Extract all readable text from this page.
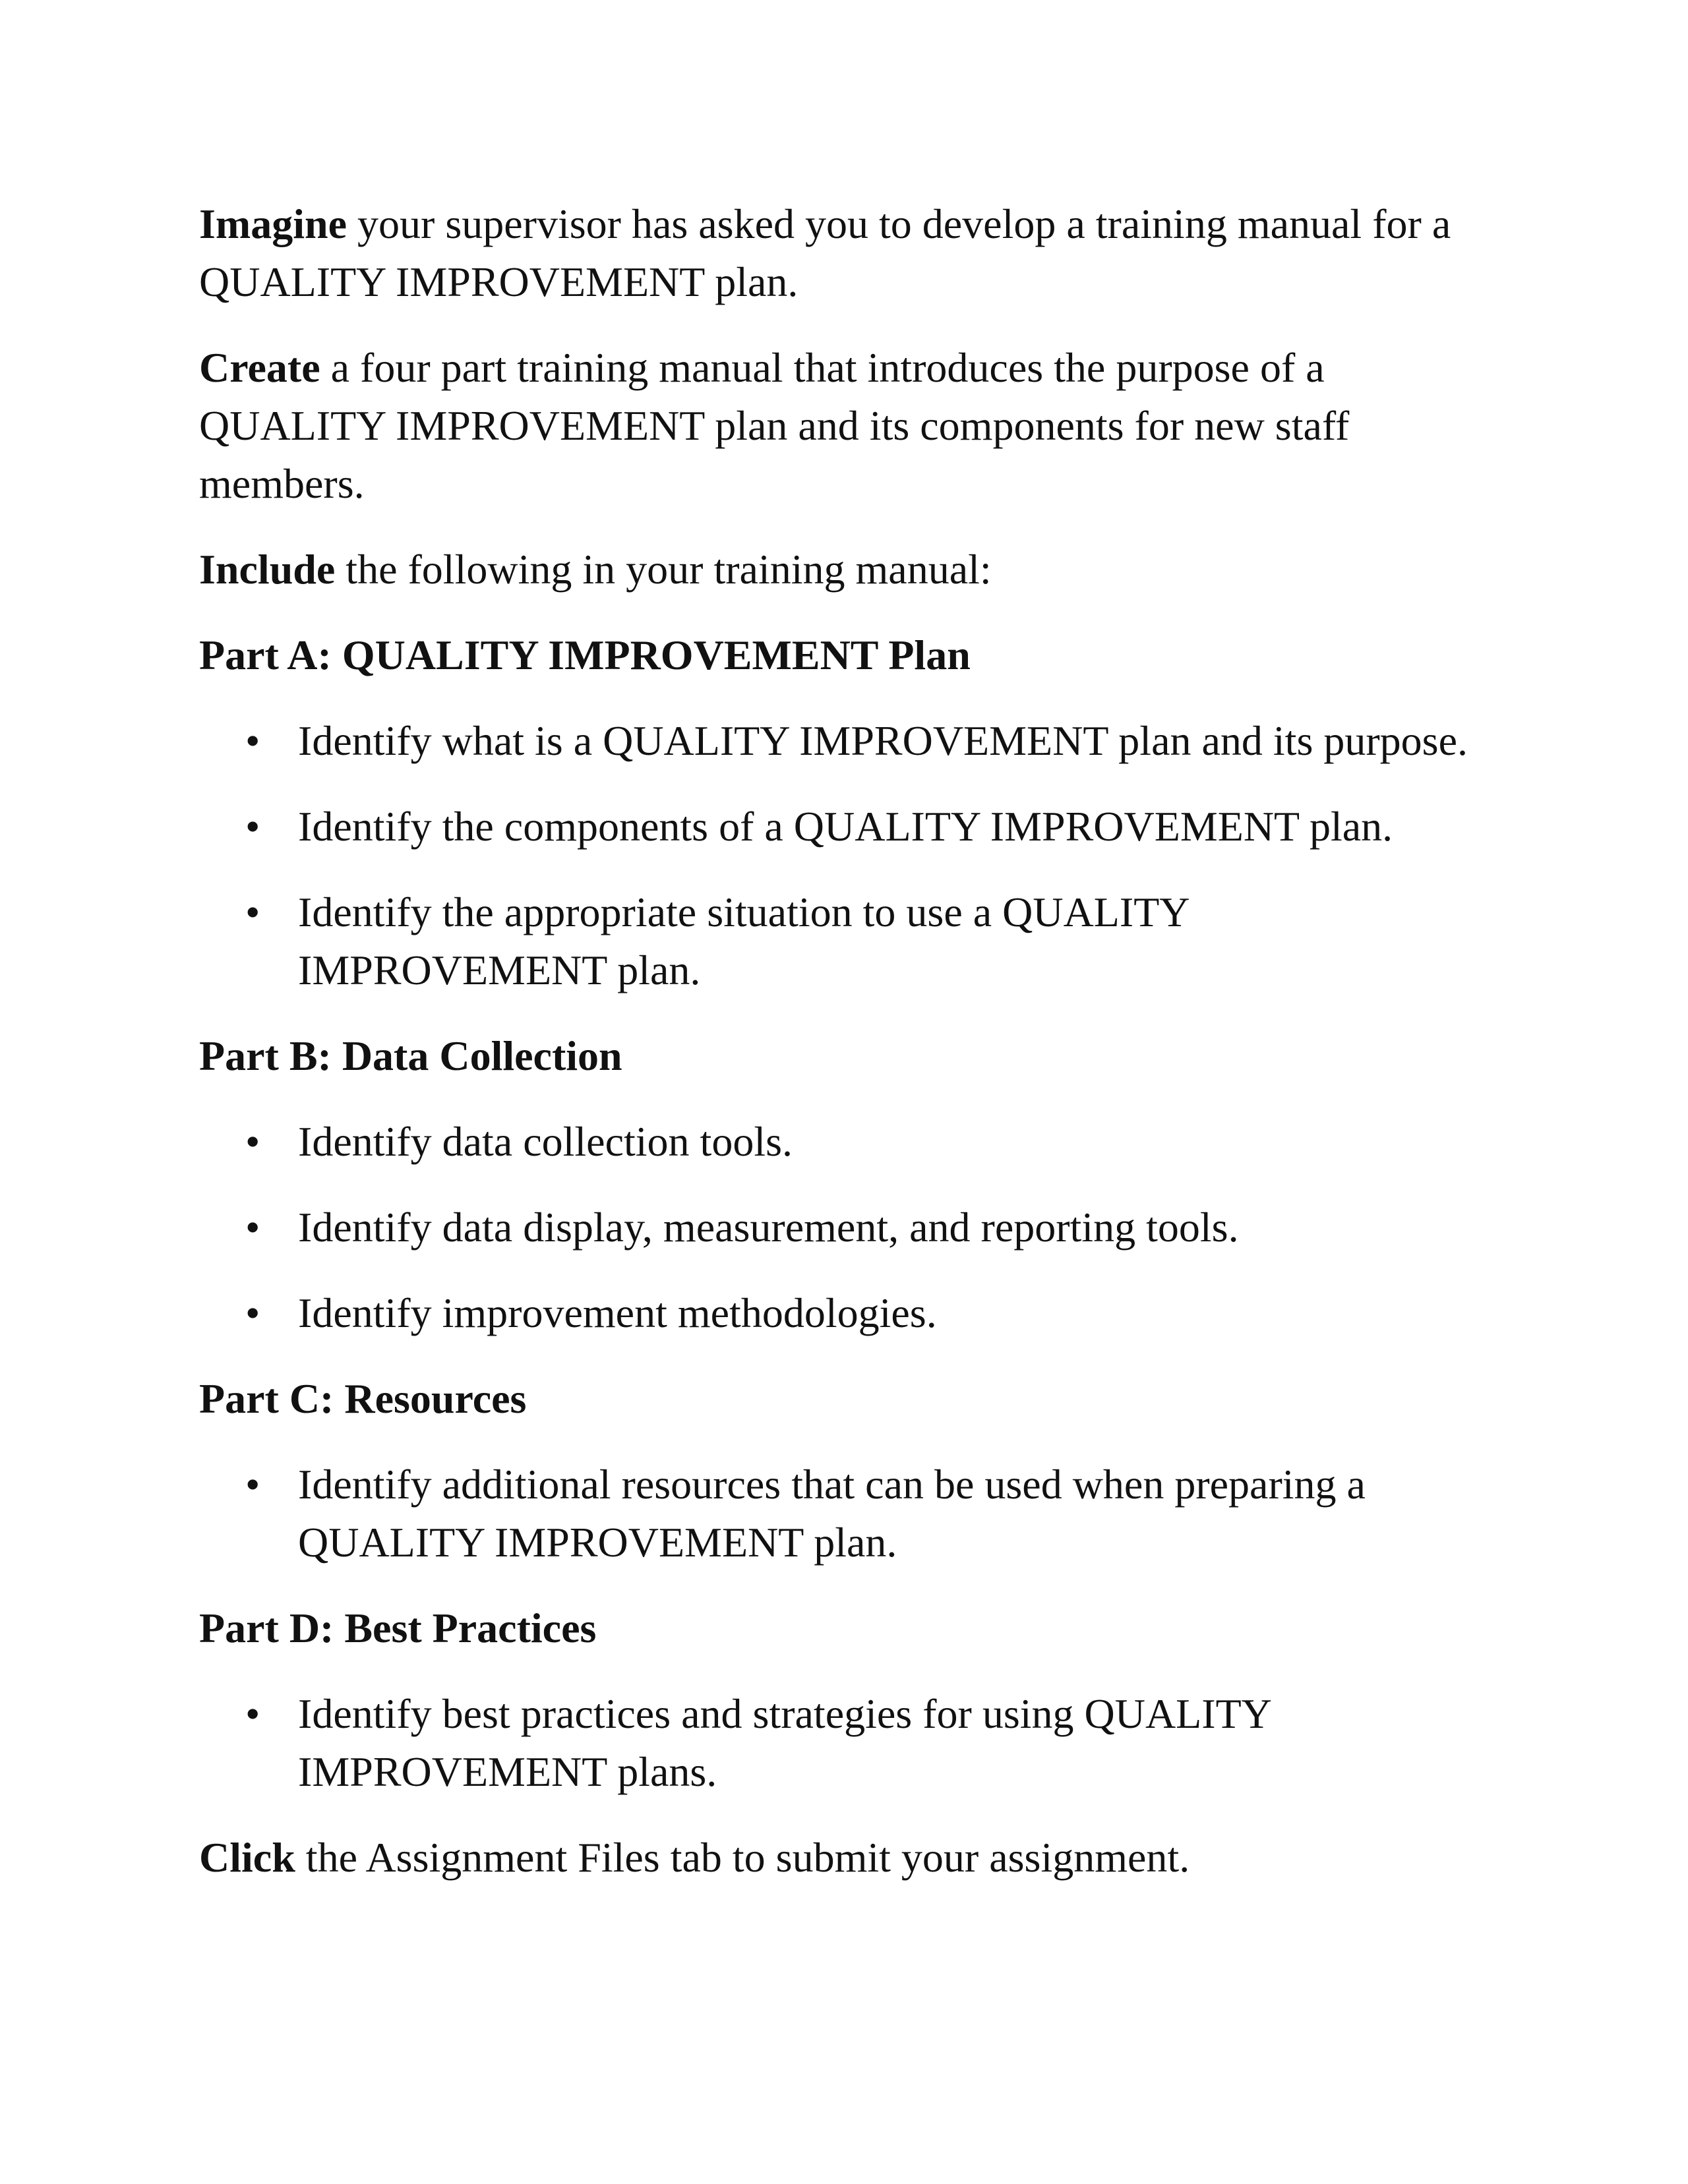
Imagine your supervisor has asked you to develop a training manual for a QUALITY IMPROVEMENT plan.

Create a four part training manual that introduces the purpose of a QUALITY IMPROVEMENT plan and its components for new staff members.

Include the following in your training manual:

Part A: QUALITY IMPROVEMENT Plan
• Identify what is a QUALITY IMPROVEMENT plan and its purpose.
• Identify the components of a QUALITY IMPROVEMENT plan.
• Identify the appropriate situation to use a QUALITY IMPROVEMENT plan.
Part B: Data Collection
• Identify data collection tools.
• Identify data display, measurement, and reporting tools.
• Identify improvement methodologies.
Part C: Resources
• Identify additional resources that can be used when preparing a QUALITY IMPROVEMENT plan.
Part D: Best Practices
• Identify best practices and strategies for using QUALITY IMPROVEMENT plans.

Click the Assignment Files tab to submit your assignment.
